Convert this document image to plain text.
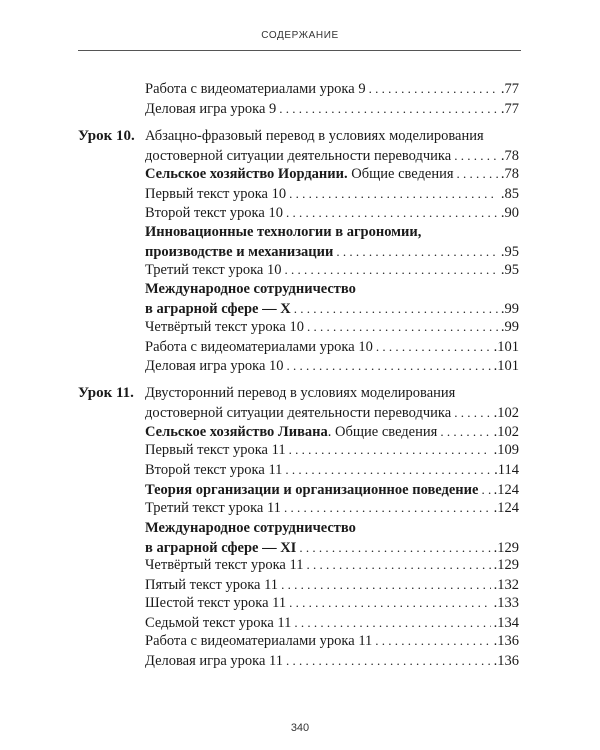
СОДЕРЖАНИЕ
Работа с видеоматериалами урока 9 . . .	.77
Деловая игра урока 9 . . .	.77
Урок 10. Абзацно-фразовый перевод в условиях моделирования
достоверной ситуации деятельности переводчика . . .	.78
Сельское хозяйство Иордании. Общие сведения . . .	.78
Первый текст урока 10 . . .	.85
Второй текст урока 10 . . .	.90
Инновационные технологии в агрономии,
производстве и механизации . . .	.95
Третий текст урока 10 . . .	.95
Международное сотрудничество
в аграрной сфере — X . . .	.99
Четвёртый текст урока 10 . . .	.99
Работа с видеоматериалами урока 10 . . .	.101
Деловая игра урока 10 . . .	.101
Урок 11. Двусторонний перевод в условиях моделирования
достоверной ситуации деятельности переводчика . . .	.102
Сельское хозяйство Ливана. Общие сведения . . .	.102
Первый текст урока 11 . . .	.109
Второй текст урока 11 . . .	.114
Теория организации и организационное поведение . . . .124
Третий текст урока 11 . . .	.124
Международное сотрудничество
в аграрной сфере — XI . . .	.129
Четвёртый текст урока 11 . . .	.129
Пятый текст урока 11 . . .	.132
Шестой текст урока 11 . . .	.133
Седьмой текст урока 11 . . .	.134
Работа с видеоматериалами урока 11 . . .	.136
Деловая игра урока 11 . . .	.136
340
